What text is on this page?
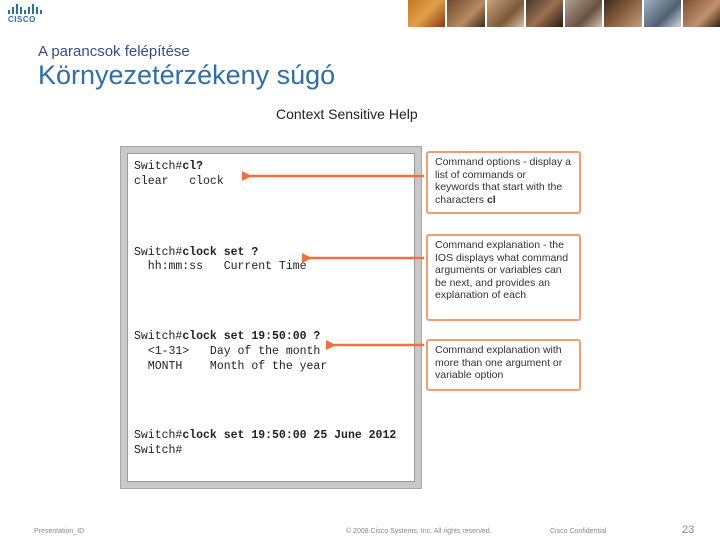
CISCO
A parancsok felépítése
Környezetérzékeny súgó
Context Sensitive Help
Switch#cl?
clear   clock
Switch#clock set ?
hh:mm:ss   Current Time
Switch#clock set 19:50:00 ?
<1-31>   Day of the month
MONTH    Month of the year
Switch#clock set 19:50:00 25 June 2012
Switch#
Command options - display a list of commands or keywords that start with the characters cl
Command explanation - the IOS displays what command arguments or variables can be next, and provides an explanation of each
Command explanation with more than one argument or variable option
Presentation_ID	© 2008 Cisco Systems, Inc. All rights reserved.	Cisco Confidential	23
